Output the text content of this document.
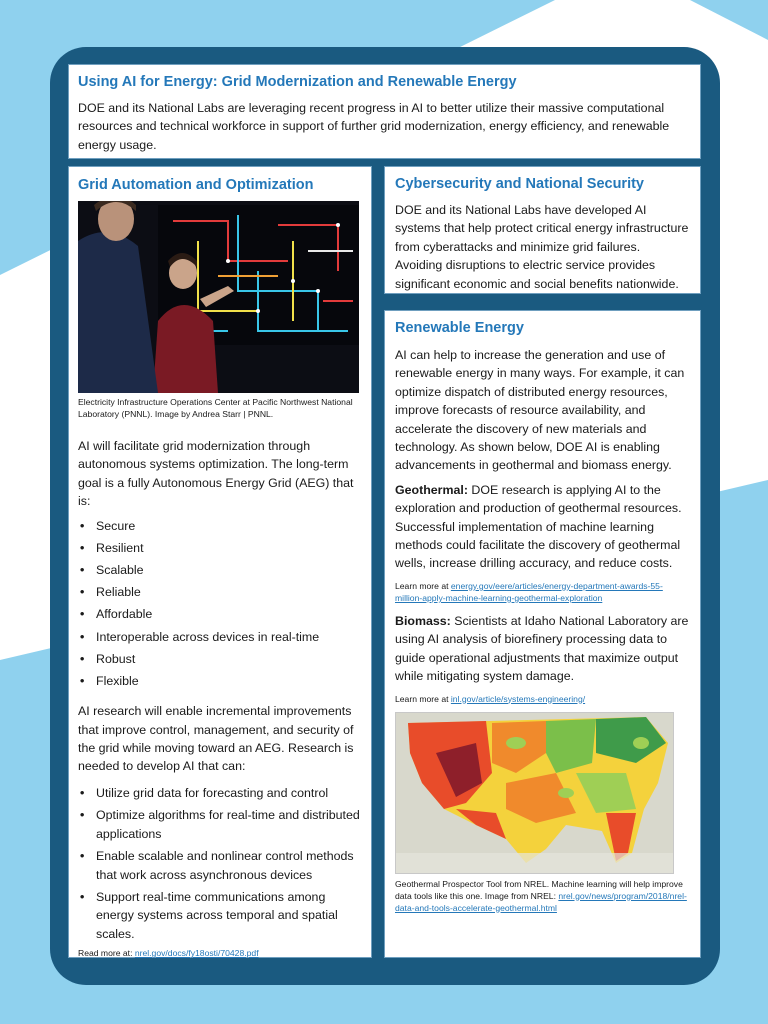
Using AI for Energy: Grid Modernization and Renewable Energy
DOE and its National Labs are leveraging recent progress in AI to better utilize their massive computational resources and technical workforce in support of further grid modernization, energy efficiency, and renewable energy usage.
Grid Automation and Optimization
Electricity Infrastructure Operations Center at Pacific Northwest National Laboratory (PNNL). Image by Andrea Starr | PNNL.
AI will facilitate grid modernization through autonomous systems optimization. The long-term goal is a fully Autonomous Energy Grid (AEG) that is:
• Secure
• Resilient
• Scalable
• Reliable
• Affordable
• Interoperable across devices in real-time
• Robust
• Flexible
AI research will enable incremental improvements that improve control, management, and security of the grid while moving toward an AEG. Research is needed to develop AI that can:
• Utilize grid data for forecasting and control
• Optimize algorithms for real-time and distributed applications
• Enable scalable and nonlinear control methods that work across asynchronous devices
• Support real-time communications among energy systems across temporal and spatial scales.
Read more at: nrel.gov/docs/fy18osti/70428.pdf
Cybersecurity and National Security
DOE and its National Labs have developed AI systems that help protect critical energy infrastructure from cyberattacks and minimize grid failures. Avoiding disruptions to electric service provides significant economic and social benefits nationwide.
Renewable Energy
AI can help to increase the generation and use of renewable energy in many ways. For example, it can optimize dispatch of distributed energy resources, improve forecasts of resource availability, and accelerate the discovery of new materials and technology. As shown below, DOE AI is enabling advancements in geothermal and biomass energy.
Geothermal: DOE research is applying AI to the exploration and production of geothermal resources. Successful implementation of machine learning methods could facilitate the discovery of geothermal wells, increase drilling accuracy, and reduce costs.
Learn more at energy.gov/eere/articles/energy-department-awards-55-million-apply-machine-learning-geothermal-exploration
Biomass: Scientists at Idaho National Laboratory are using AI analysis of biorefinery processing data to guide operational adjustments that maximize output while mitigating system damage.
Learn more at inl.gov/article/systems-engineering/
Geothermal Prospector Tool from NREL. Machine learning will help improve data tools like this one. Image from NREL: nrel.gov/news/program/2018/nrel-data-and-tools-accelerate-geothermal.html
